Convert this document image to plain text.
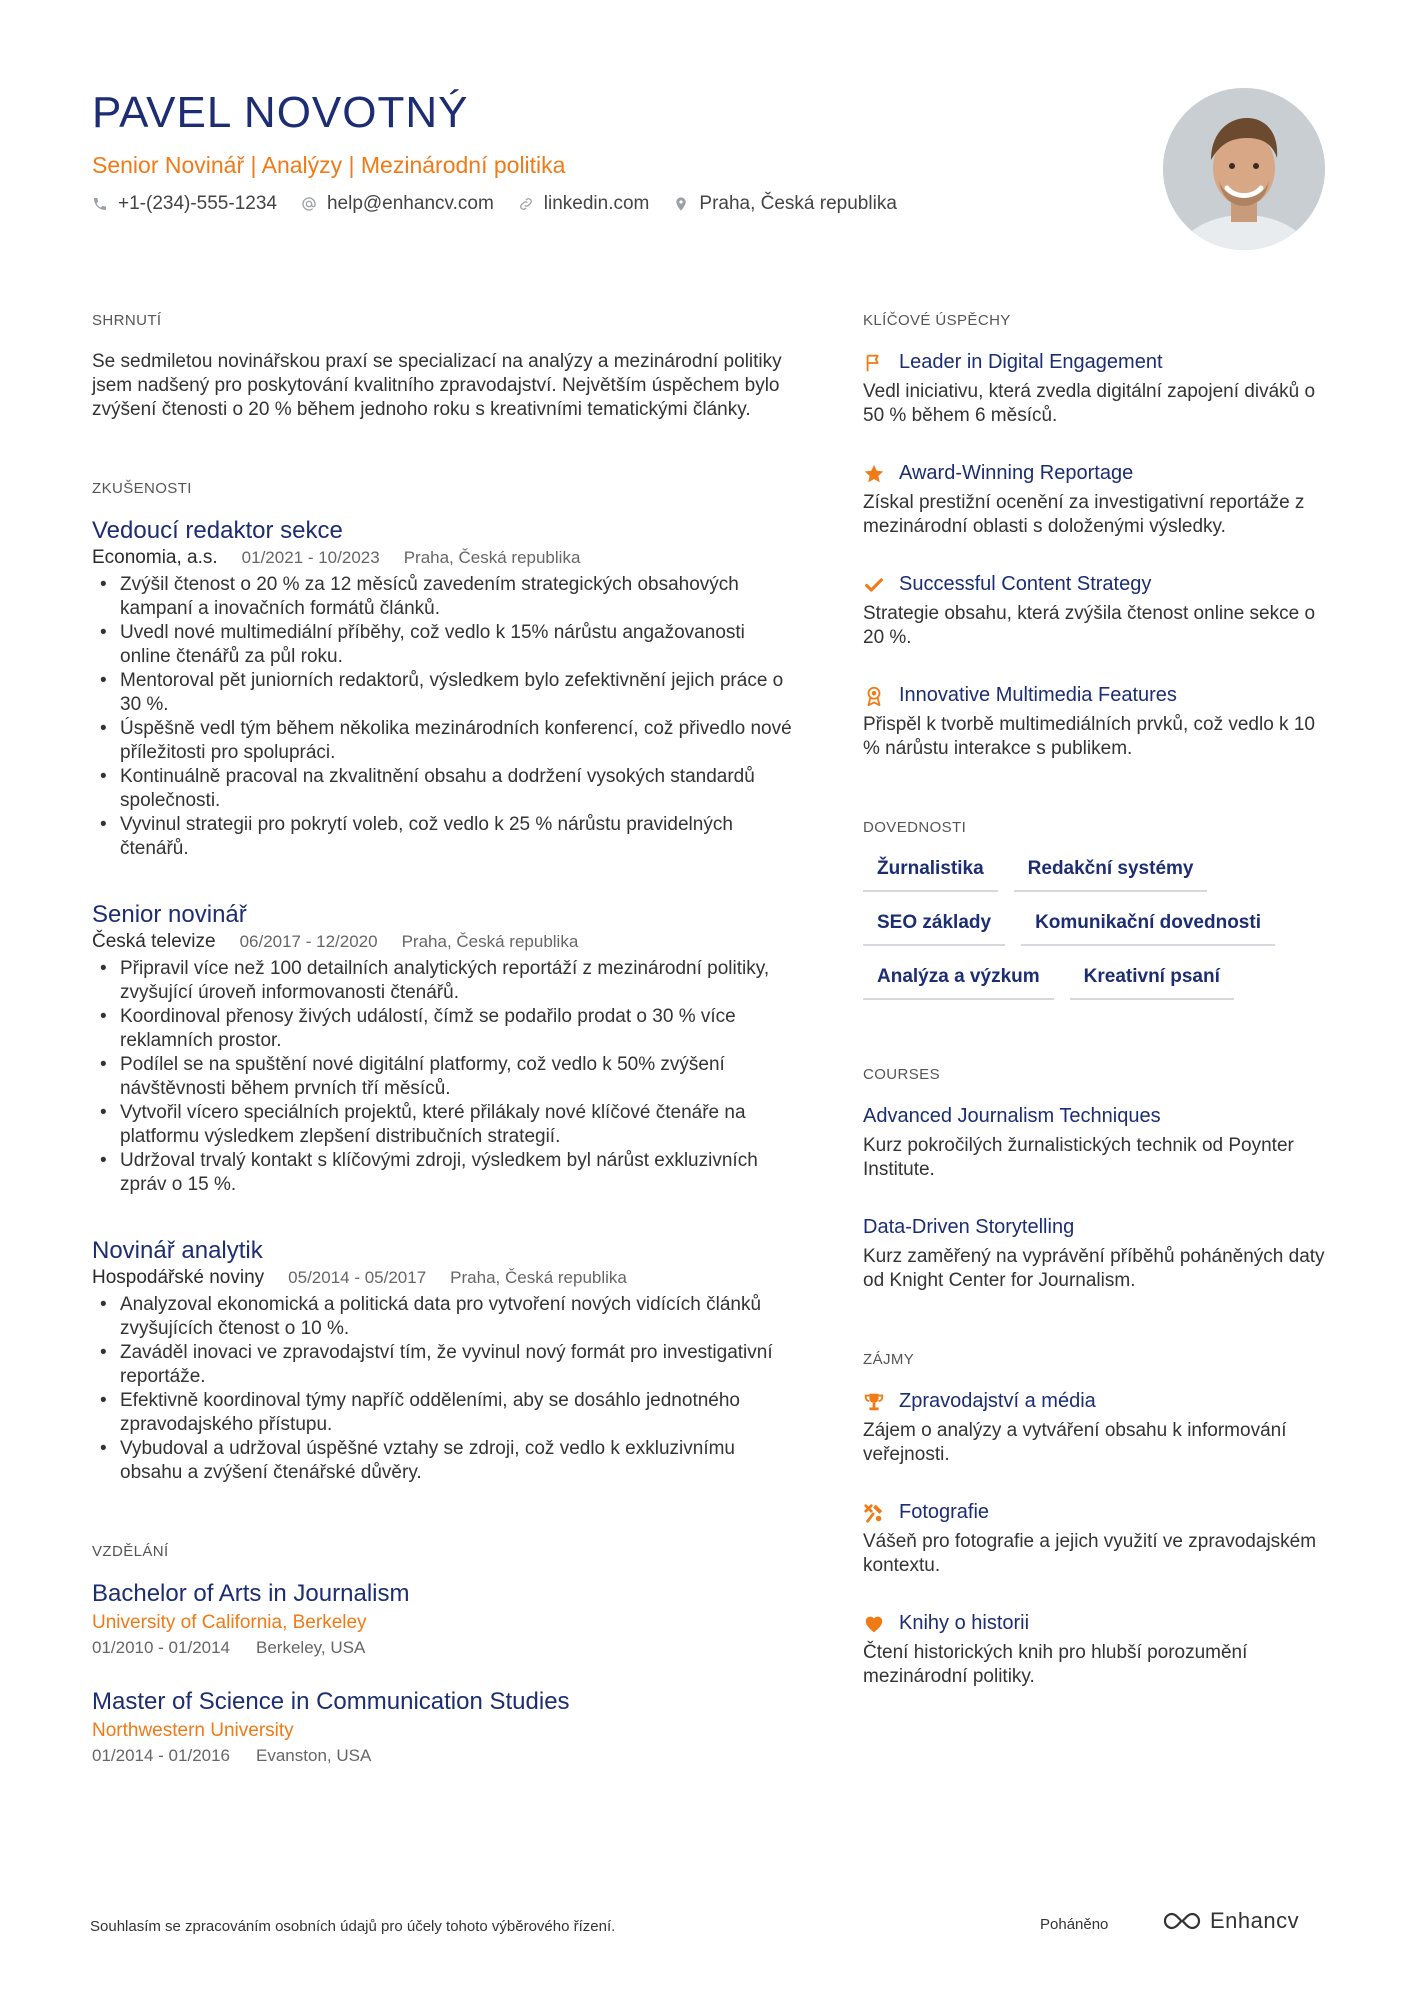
PAVEL NOVOTNÝ
Senior Novinář | Analýzy | Mezinárodní politika
+1-(234)-555-1234	help@enhancv.com	linkedin.com	Praha, Česká republika
SHRNUTÍ

Se sedmiletou novinářskou praxí se specializací na analýzy a mezinárodní politiky jsem nadšený pro poskytování kvalitního zpravodajství. Největším úspěchem bylo zvýšení čtenosti o 20 % během jednoho roku s kreativními tematickými články.

ZKUŠENOSTI
Vedoucí redaktor sekce
Economia, a.s. 01/2021 - 10/2023 Praha, Česká republika
• Zvýšil čtenost o 20 % za 12 měsíců zavedením strategických obsahových kampaní a inovačních formátů článků.
• Uvedl nové multimediální příběhy, což vedlo k 15% nárůstu angažovanosti online čtenářů za půl roku.
• Mentoroval pět juniorních redaktorů, výsledkem bylo zefektivnění jejich práce o 30 %.
• Úspěšně vedl tým během několika mezinárodních konferencí, což přivedlo nové příležitosti pro spolupráci.
• Kontinuálně pracoval na zkvalitnění obsahu a dodržení vysokých standardů společnosti.
• Vyvinul strategii pro pokrytí voleb, což vedlo k 25 % nárůstu pravidelných čtenářů.
Senior novinář
Česká televize 06/2017 - 12/2020 Praha, Česká republika
• Připravil více než 100 detailních analytických reportáží z mezinárodní politiky, zvyšující úroveň informovanosti čtenářů.
• Koordinoval přenosy živých událostí, čímž se podařilo prodat o 30 % více reklamních prostor.
• Podílel se na spuštění nové digitální platformy, což vedlo k 50% zvýšení návštěvnosti během prvních tří měsíců.
• Vytvořil vícero speciálních projektů, které přilákaly nové klíčové čtenáře na platformu výsledkem zlepšení distribučních strategií.
• Udržoval trvalý kontakt s klíčovými zdroji, výsledkem byl nárůst exkluzivních zpráv o 15 %.
Novinář analytik
Hospodářské noviny 05/2014 - 05/2017 Praha, Česká republika
• Analyzoval ekonomická a politická data pro vytvoření nových vidících článků zvyšujících čtenost o 10 %.
• Zaváděl inovaci ve zpravodajství tím, že vyvinul nový formát pro investigativní reportáže.
• Efektivně koordinoval týmy napříč odděleními, aby se dosáhlo jednotného zpravodajského přístupu.
• Vybudoval a udržoval úspěšné vztahy se zdroji, což vedlo k exkluzivnímu obsahu a zvýšení čtenářské důvěry.
VZDĚLÁNÍ
Bachelor of Arts in Journalism
University of California, Berkeley
01/2010 - 01/2014 Berkeley, USA
Master of Science in Communication Studies
Northwestern University
01/2014 - 01/2016 Evanston, USA
KLÍČOVÉ ÚSPĚCHY
Leader in Digital Engagement
Vedl iniciativu, která zvedla digitální zapojení diváků o 50 % během 6 měsíců.
Award-Winning Reportage
Získal prestižní ocenění za investigativní reportáže z mezinárodní oblasti s doloženými výsledky.
Successful Content Strategy
Strategie obsahu, která zvýšila čtenost online sekce o 20 %.
Innovative Multimedia Features
Přispěl k tvorbě multimediálních prvků, což vedlo k 10 % nárůstu interakce s publikem.
DOVEDNOSTI
Žurnalistika	Redakční systémy
SEO základy	Komunikační dovednosti
Analýza a výzkum	Kreativní psaní
COURSES
Advanced Journalism Techniques
Kurz pokročilých žurnalistických technik od Poynter Institute.
Data-Driven Storytelling
Kurz zaměřený na vyprávění příběhů poháněných daty od Knight Center for Journalism.
ZÁJMY
Zpravodajství a média
Zájem o analýzy a vytváření obsahu k informování veřejnosti.
Fotografie
Vášeň pro fotografie a jejich využití ve zpravodajském kontextu.
Knihy o historii
Čtení historických knih pro hlubší porozumění mezinárodní politiky.
Souhlasím se zpracováním osobních údajů pro účely tohoto výběrového řízení.	Poháněno	Enhancv
